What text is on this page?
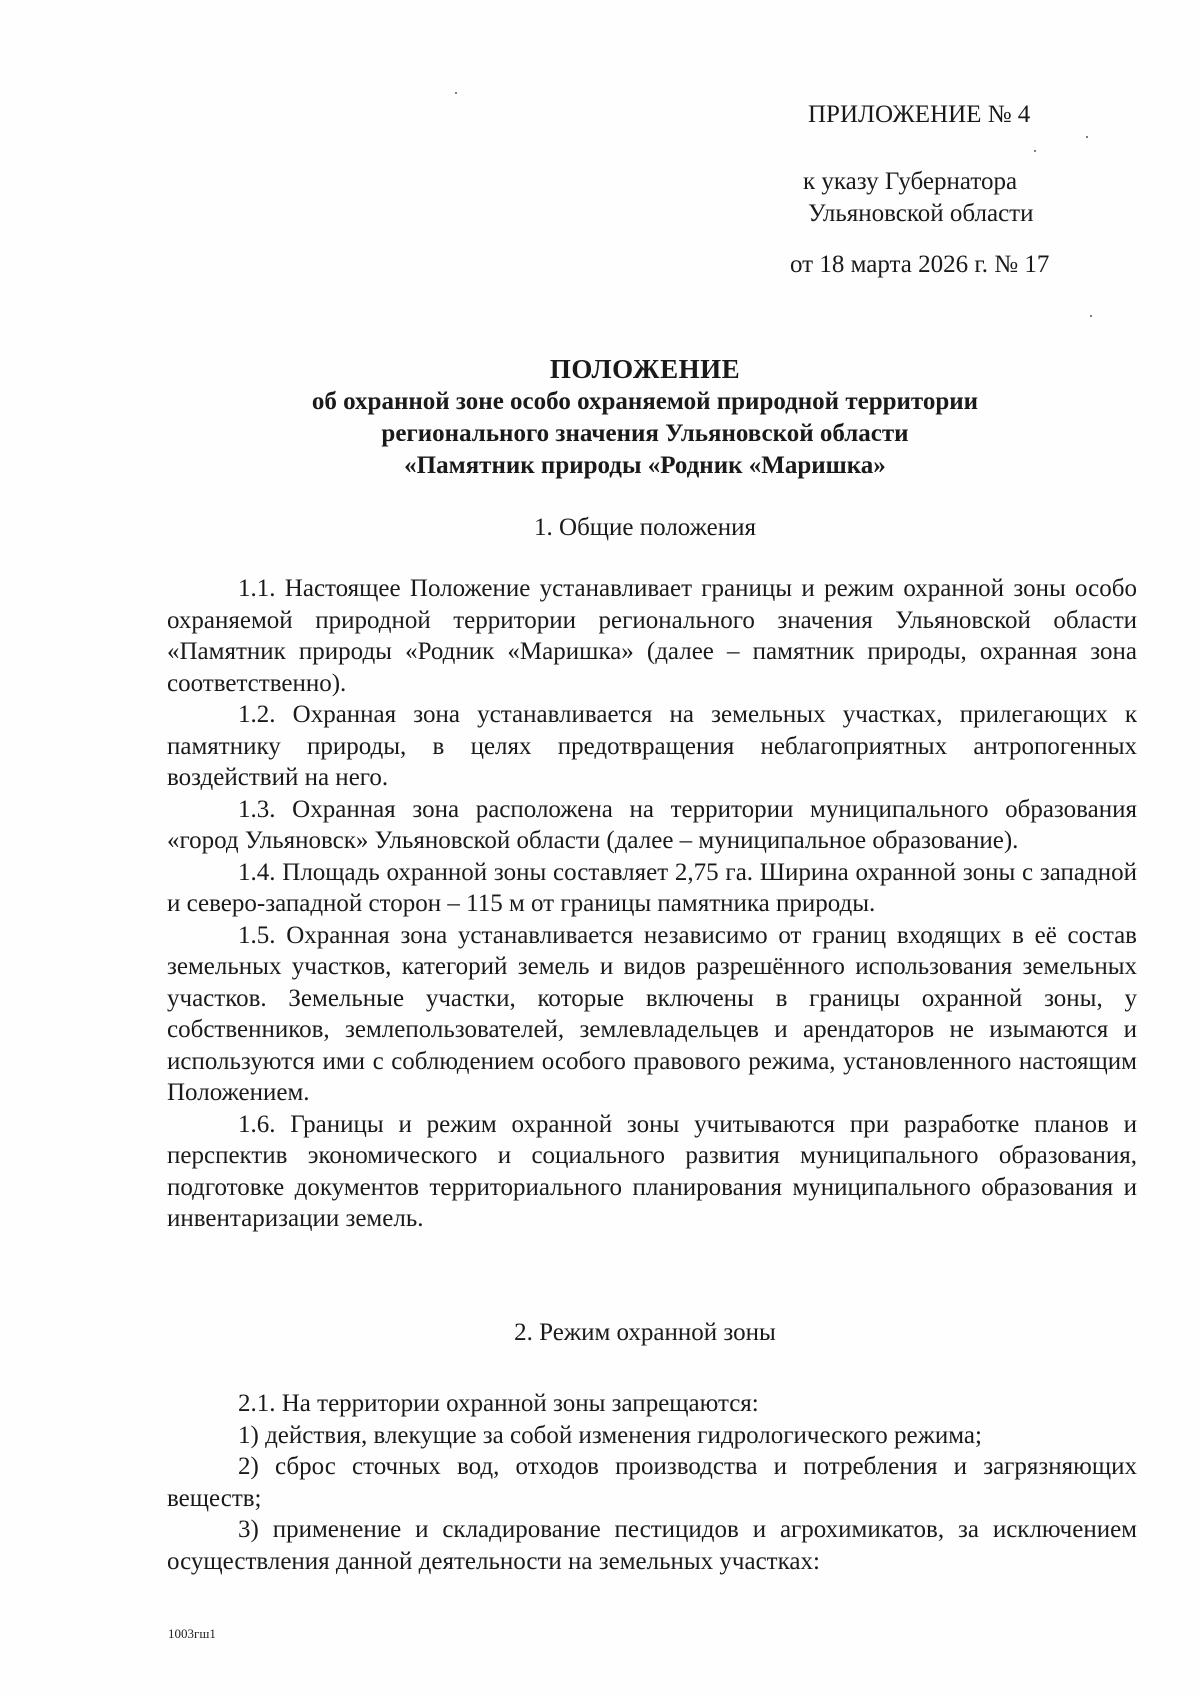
ПРИЛОЖЕНИЕ № 4
к указу Губернатора
Ульяновской области
от 18 марта 2026 г. № 17
ПОЛОЖЕНИЕ
об охранной зоне особо охраняемой природной территории
регионального значения Ульяновской области
«Памятник природы «Родник «Маришка»
1. Общие положения

1.1. Настоящее Положение устанавливает границы и режим охранной зоны особо охраняемой природной территории регионального значения Ульяновской области «Памятник природы «Родник «Маришка» (далее – памятник природы, охранная зона соответственно).

1.2. Охранная зона устанавливается на земельных участках, прилегающих к памятнику природы, в целях предотвращения неблагоприятных антропогенных воздействий на него.

1.3. Охранная зона расположена на территории муниципального образования «город Ульяновск» Ульяновской области (далее – муниципальное образование).

1.4. Площадь охранной зоны составляет 2,75 га. Ширина охранной зоны с западной и северо-западной сторон – 115 м от границы памятника природы.

1.5. Охранная зона устанавливается независимо от границ входящих в её состав земельных участков, категорий земель и видов разрешённого использования земельных участков. Земельные участки, которые включены в границы охранной зоны, у собственников, землепользователей, землевладельцев и арендаторов не изымаются и используются ими с соблюдением особого правового режима, установленного настоящим Положением.

1.6. Границы и режим охранной зоны учитываются при разработке планов и перспектив экономического и социального развития муниципального образования, подготовке документов территориального планирования муниципального образования и инвентаризации земель.

2. Режим охранной зоны

2.1. На территории охранной зоны запрещаются:

1) действия, влекущие за собой изменения гидрологического режима;

2) сброс сточных вод, отходов производства и потребления и загрязняющих веществ;

3) применение и складирование пестицидов и агрохимикатов, за исключением осуществления данной деятельности на земельных участках:

1003гш1
